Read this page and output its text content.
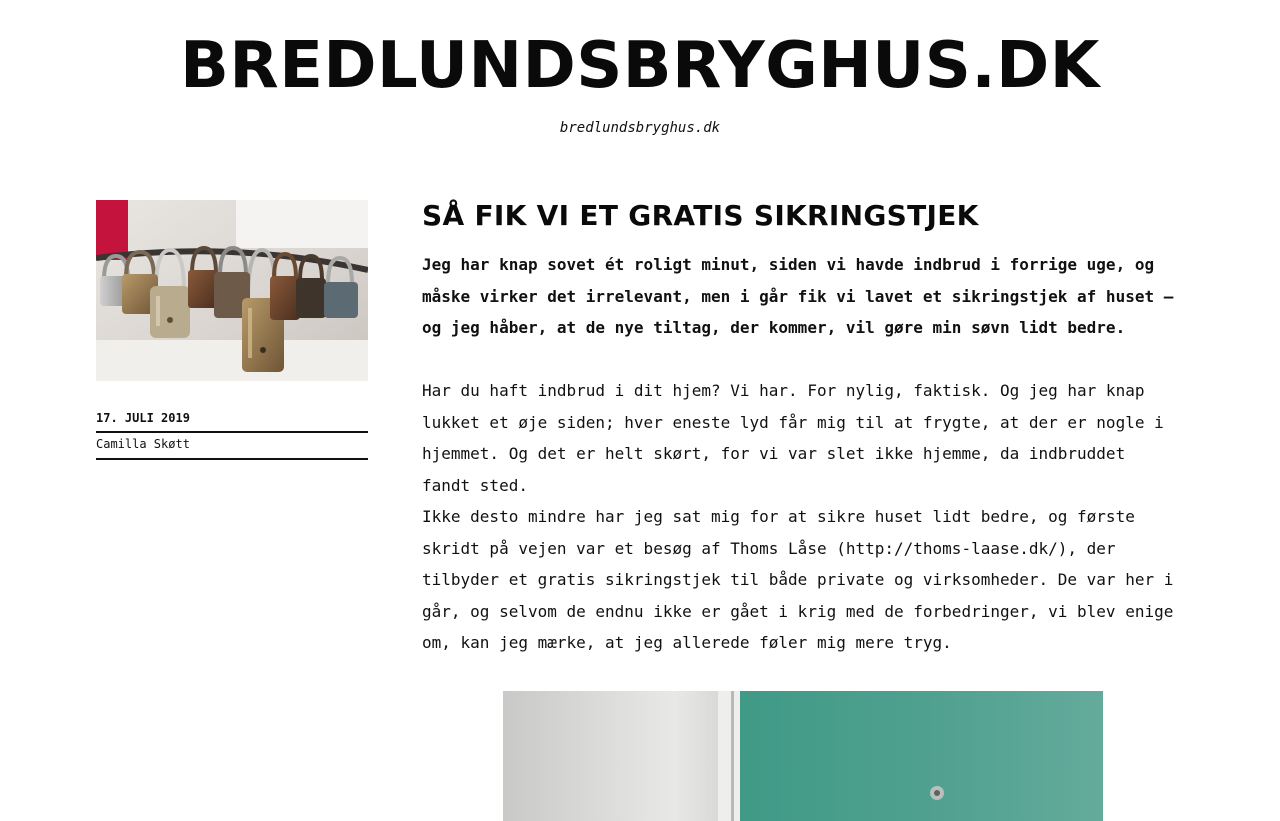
BREDLUNDSBRYGHUS.DK
bredlundsbryghus.dk
17. JULI 2019
Camilla Skøtt
SÅ FIK VI ET GRATIS SIKRINGSTJEK

Jeg har knap sovet ét roligt minut, siden vi havde indbrud i forrige uge, og måske virker det irrelevant, men i går fik vi lavet et sikringstjek af huset – og jeg håber, at de nye tiltag, der kommer, vil gøre min søvn lidt bedre.

Har du haft indbrud i dit hjem? Vi har. For nylig, faktisk. Og jeg har knap lukket et øje siden; hver eneste lyd får mig til at frygte, at der er nogle i hjemmet. Og det er helt skørt, for vi var slet ikke hjemme, da indbruddet fandt sted.

Ikke desto mindre har jeg sat mig for at sikre huset lidt bedre, og første skridt på vejen var et besøg af Thoms Låse (http://thoms-laase.dk/), der tilbyder et gratis sikringstjek til både private og virksomheder. De var her i går, og selvom de endnu ikke er gået i krig med de forbedringer, vi blev enige om, kan jeg mærke, at jeg allerede føler mig mere tryg.
